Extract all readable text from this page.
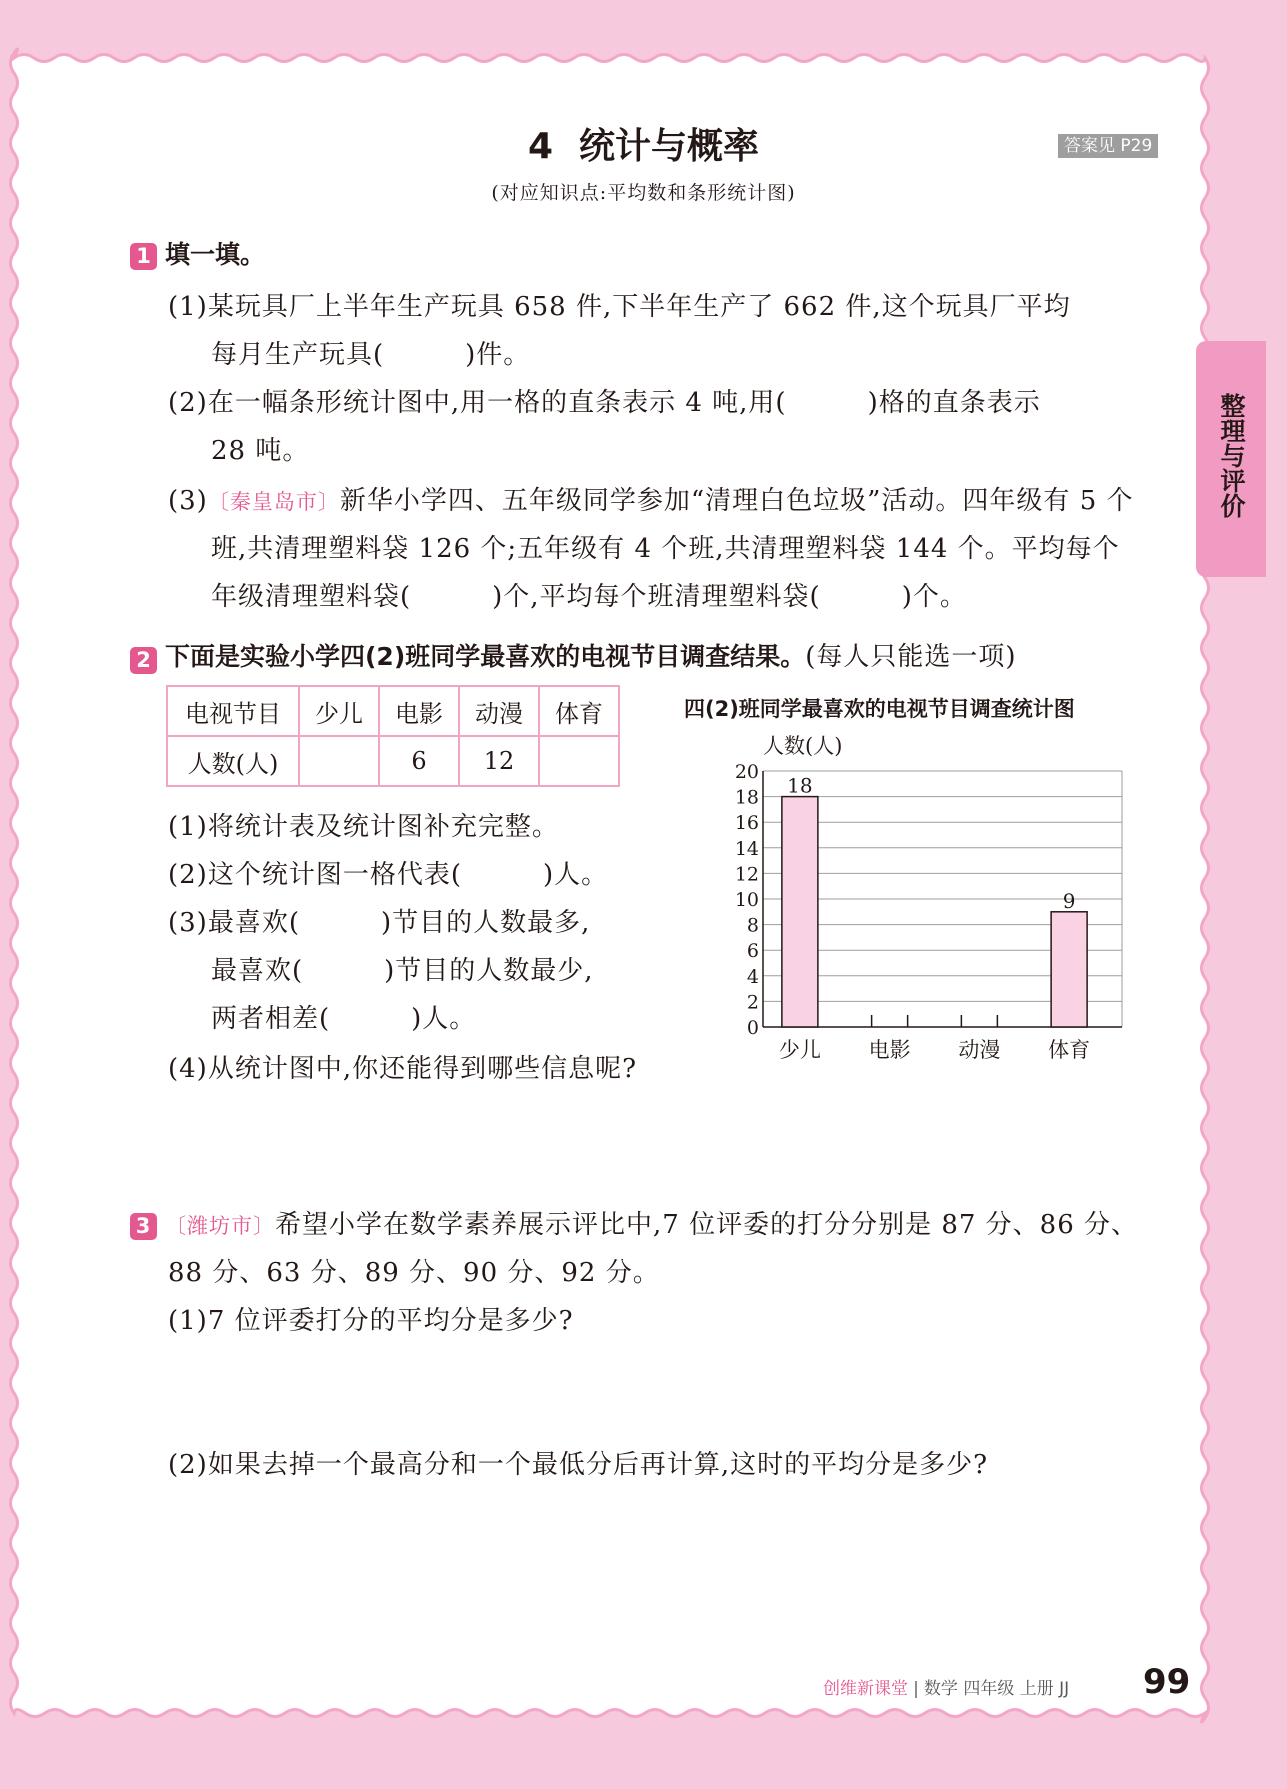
4 统计与概率
(对应知识点:平均数和条形统计图)
答案见 P29
整理与评价
1 填一填。
(1)某玩具厂上半年生产玩具 658 件,下半年生产了 662 件,这个玩具厂平均
每月生产玩具(　　　)件。
(2)在一幅条形统计图中,用一格的直条表示 4 吨,用(　　　)格的直条表示
28 吨。
(3)〔秦皇岛市〕新华小学四、五年级同学参加“清理白色垃圾”活动。四年级有 5 个
班,共清理塑料袋 126 个;五年级有 4 个班,共清理塑料袋 144 个。平均每个
年级清理塑料袋(　　　)个,平均每个班清理塑料袋(　　　)个。
2 下面是实验小学四(2)班同学最喜欢的电视节目调查结果。(每人只能选一项)
电视节目	少儿	电影	动漫	体育
人数(人)		6	12	
(1)将统计表及统计图补充完整。
(2)这个统计图一格代表(　　　)人。
(3)最喜欢(　　　)节目的人数最多,
最喜欢(　　　)节目的人数最少,
两者相差(　　　)人。
(4)从统计图中,你还能得到哪些信息呢?
四(2)班同学最喜欢的电视节目调查统计图
人数(人)
0
2
4
6
8
10
12
14
16
18
20
18
少儿 电影 动漫
9
体育
3 〔潍坊市〕希望小学在数学素养展示评比中,7 位评委的打分分别是 87 分、86 分、
88 分、63 分、89 分、90 分、92 分。
(1)7 位评委打分的平均分是多少?
(2)如果去掉一个最高分和一个最低分后再计算,这时的平均分是多少?
创维新课堂 | 数学 四年级 上册 JJ 99
